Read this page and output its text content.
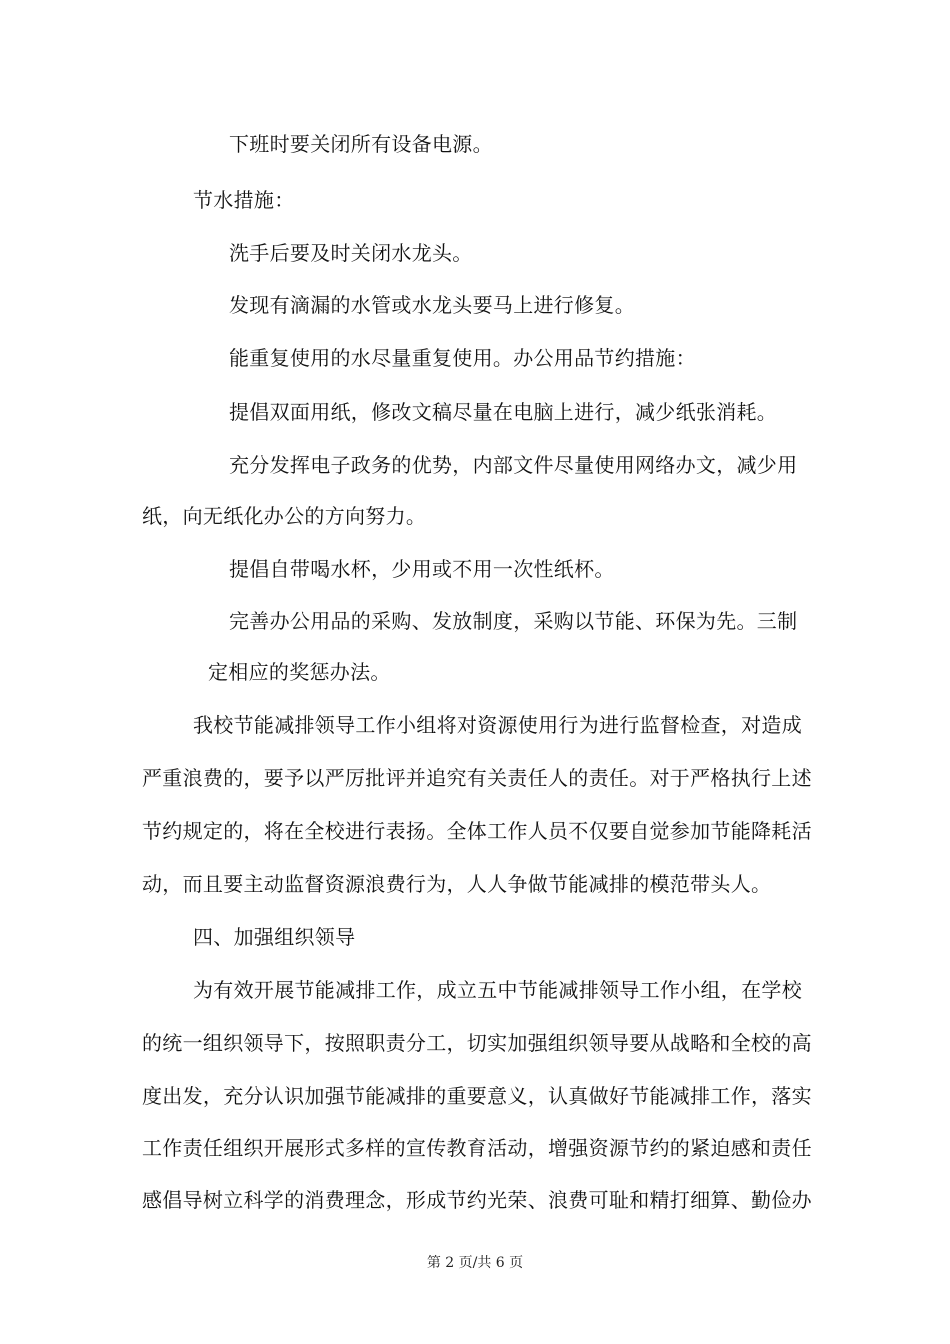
下班时要关闭所有设备电源。
节水措施：
洗手后要及时关闭水龙头。
发现有滴漏的水管或水龙头要马上进行修复。
能重复使用的水尽量重复使用。办公用品节约措施：
提倡双面用纸，修改文稿尽量在电脑上进行，减少纸张消耗。
充分发挥电子政务的优势，内部文件尽量使用网络办文，减少用
纸，向无纸化办公的方向努力。
提倡自带喝水杯，少用或不用一次性纸杯。
完善办公用品的采购、发放制度，采购以节能、环保为先。三制
定相应的奖惩办法。
我校节能减排领导工作小组将对资源使用行为进行监督检查，对造成
严重浪费的，要予以严厉批评并追究有关责任人的责任。对于严格执行上述
节约规定的，将在全校进行表扬。全体工作人员不仅要自觉参加节能降耗活
动，而且要主动监督资源浪费行为，人人争做节能减排的模范带头人。
四、加强组织领导
为有效开展节能减排工作，成立五中节能减排领导工作小组，在学校
的统一组织领导下，按照职责分工，切实加强组织领导要从战略和全校的高
度出发，充分认识加强节能减排的重要意义，认真做好节能减排工作，落实
工作责任组织开展形式多样的宣传教育活动，增强资源节约的紧迫感和责任
感倡导树立科学的消费理念，形成节约光荣、浪费可耻和精打细算、勤俭办
第 2 页/共 6 页
